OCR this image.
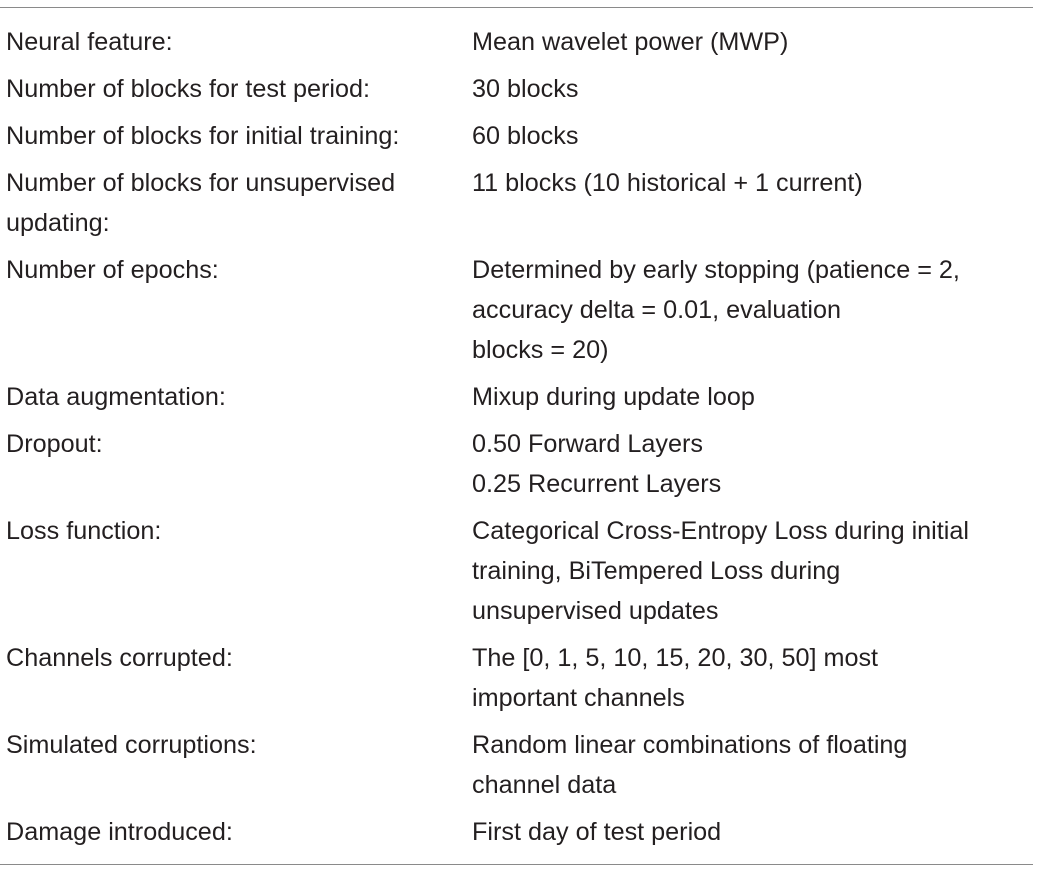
Neural feature:	Mean wavelet power (MWP)

Number of blocks for test period:	30 blocks

Number of blocks for initial training:	60 blocks

Number of blocks for unsupervised
updating:	11 blocks (10 historical + 1 current)

Number of epochs:	Determined by early stopping (patience = 2,
accuracy delta = 0.01, evaluation
blocks = 20)

Data augmentation:	Mixup during update loop

Dropout:	0.50 Forward Layers
0.25 Recurrent Layers

Loss function:	Categorical Cross-Entropy Loss during initial
training, BiTempered Loss during
unsupervised updates

Channels corrupted:	The [0, 1, 5, 10, 15, 20, 30, 50] most
important channels

Simulated corruptions:	Random linear combinations of floating
channel data

Damage introduced:	First day of test period
